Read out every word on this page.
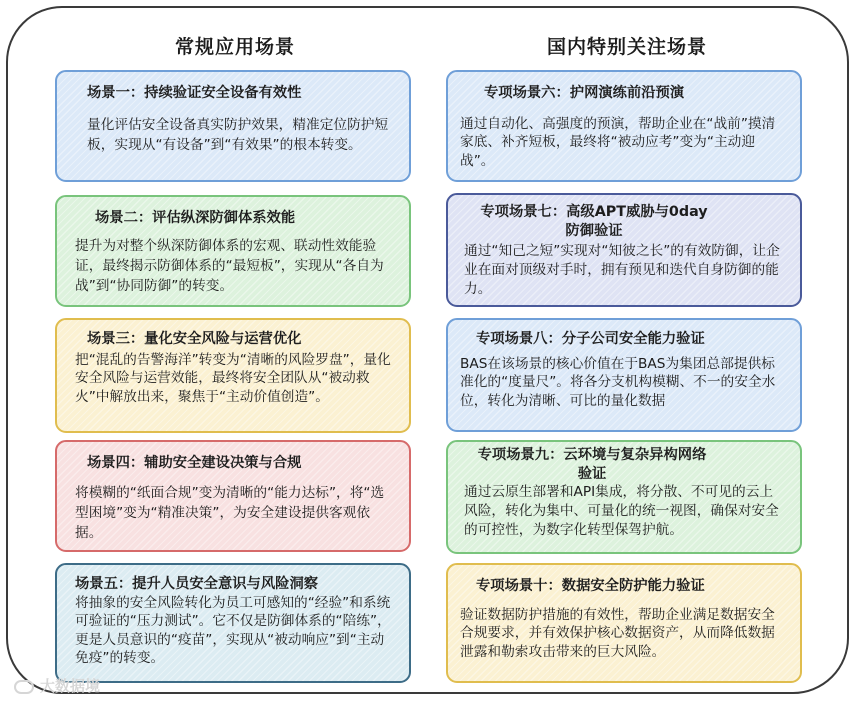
常规应用场景	国内特别关注场景
场景一：持续验证安全设备有效性
量化评估安全设备真实防护效果，精准定位防护短板，实现从“有设备”到“有效果”的根本转变。
场景二：评估纵深防御体系效能
提升为对整个纵深防御体系的宏观、联动性效能验证，最终揭示防御体系的“最短板”，实现从“各自为战”到“协同防御”的转变。
场景三：量化安全风险与运营优化
把“混乱的告警海洋”转变为“清晰的风险罗盘”，量化安全风险与运营效能，最终将安全团队从“被动救火”中解放出来，聚焦于“主动价值创造”。
场景四：辅助安全建设决策与合规
将模糊的“纸面合规”变为清晰的“能力达标”，将“选型困境”变为“精准决策”，为安全建设提供客观依据。
场景五：提升人员安全意识与风险洞察
将抽象的安全风险转化为员工可感知的“经验”和系统可验证的“压力测试”。它不仅是防御体系的“陪练”，更是人员意识的“疫苗”，实现从“被动响应”到“主动免疫”的转变。
专项场景六：护网演练前沿预演
通过自动化、高强度的预演，帮助企业在“战前”摸清家底、补齐短板，最终将“被动应考”变为“主动迎战”。
专项场景七：高级APT威胁与0day防御验证
通过“知己之短”实现对“知彼之长”的有效防御，让企业在面对顶级对手时，拥有预见和迭代自身防御的能力。
专项场景八：分子公司安全能力验证
BAS在该场景的核心价值在于BAS为集团总部提供标准化的“度量尺”。将各分支机构模糊、不一的安全水位，转化为清晰、可比的量化数据
专项场景九：云环境与复杂异构网络验证
通过云原生部署和API集成，将分散、不可见的云上风险，转化为集中、可量化的统一视图，确保对安全的可控性，为数字化转型保驾护航。
专项场景十：数据安全防护能力验证
验证数据防护措施的有效性，帮助企业满足数据安全合规要求，并有效保护核心数据资产，从而降低数据泄露和勒索攻击带来的巨大风险。
大数据境
